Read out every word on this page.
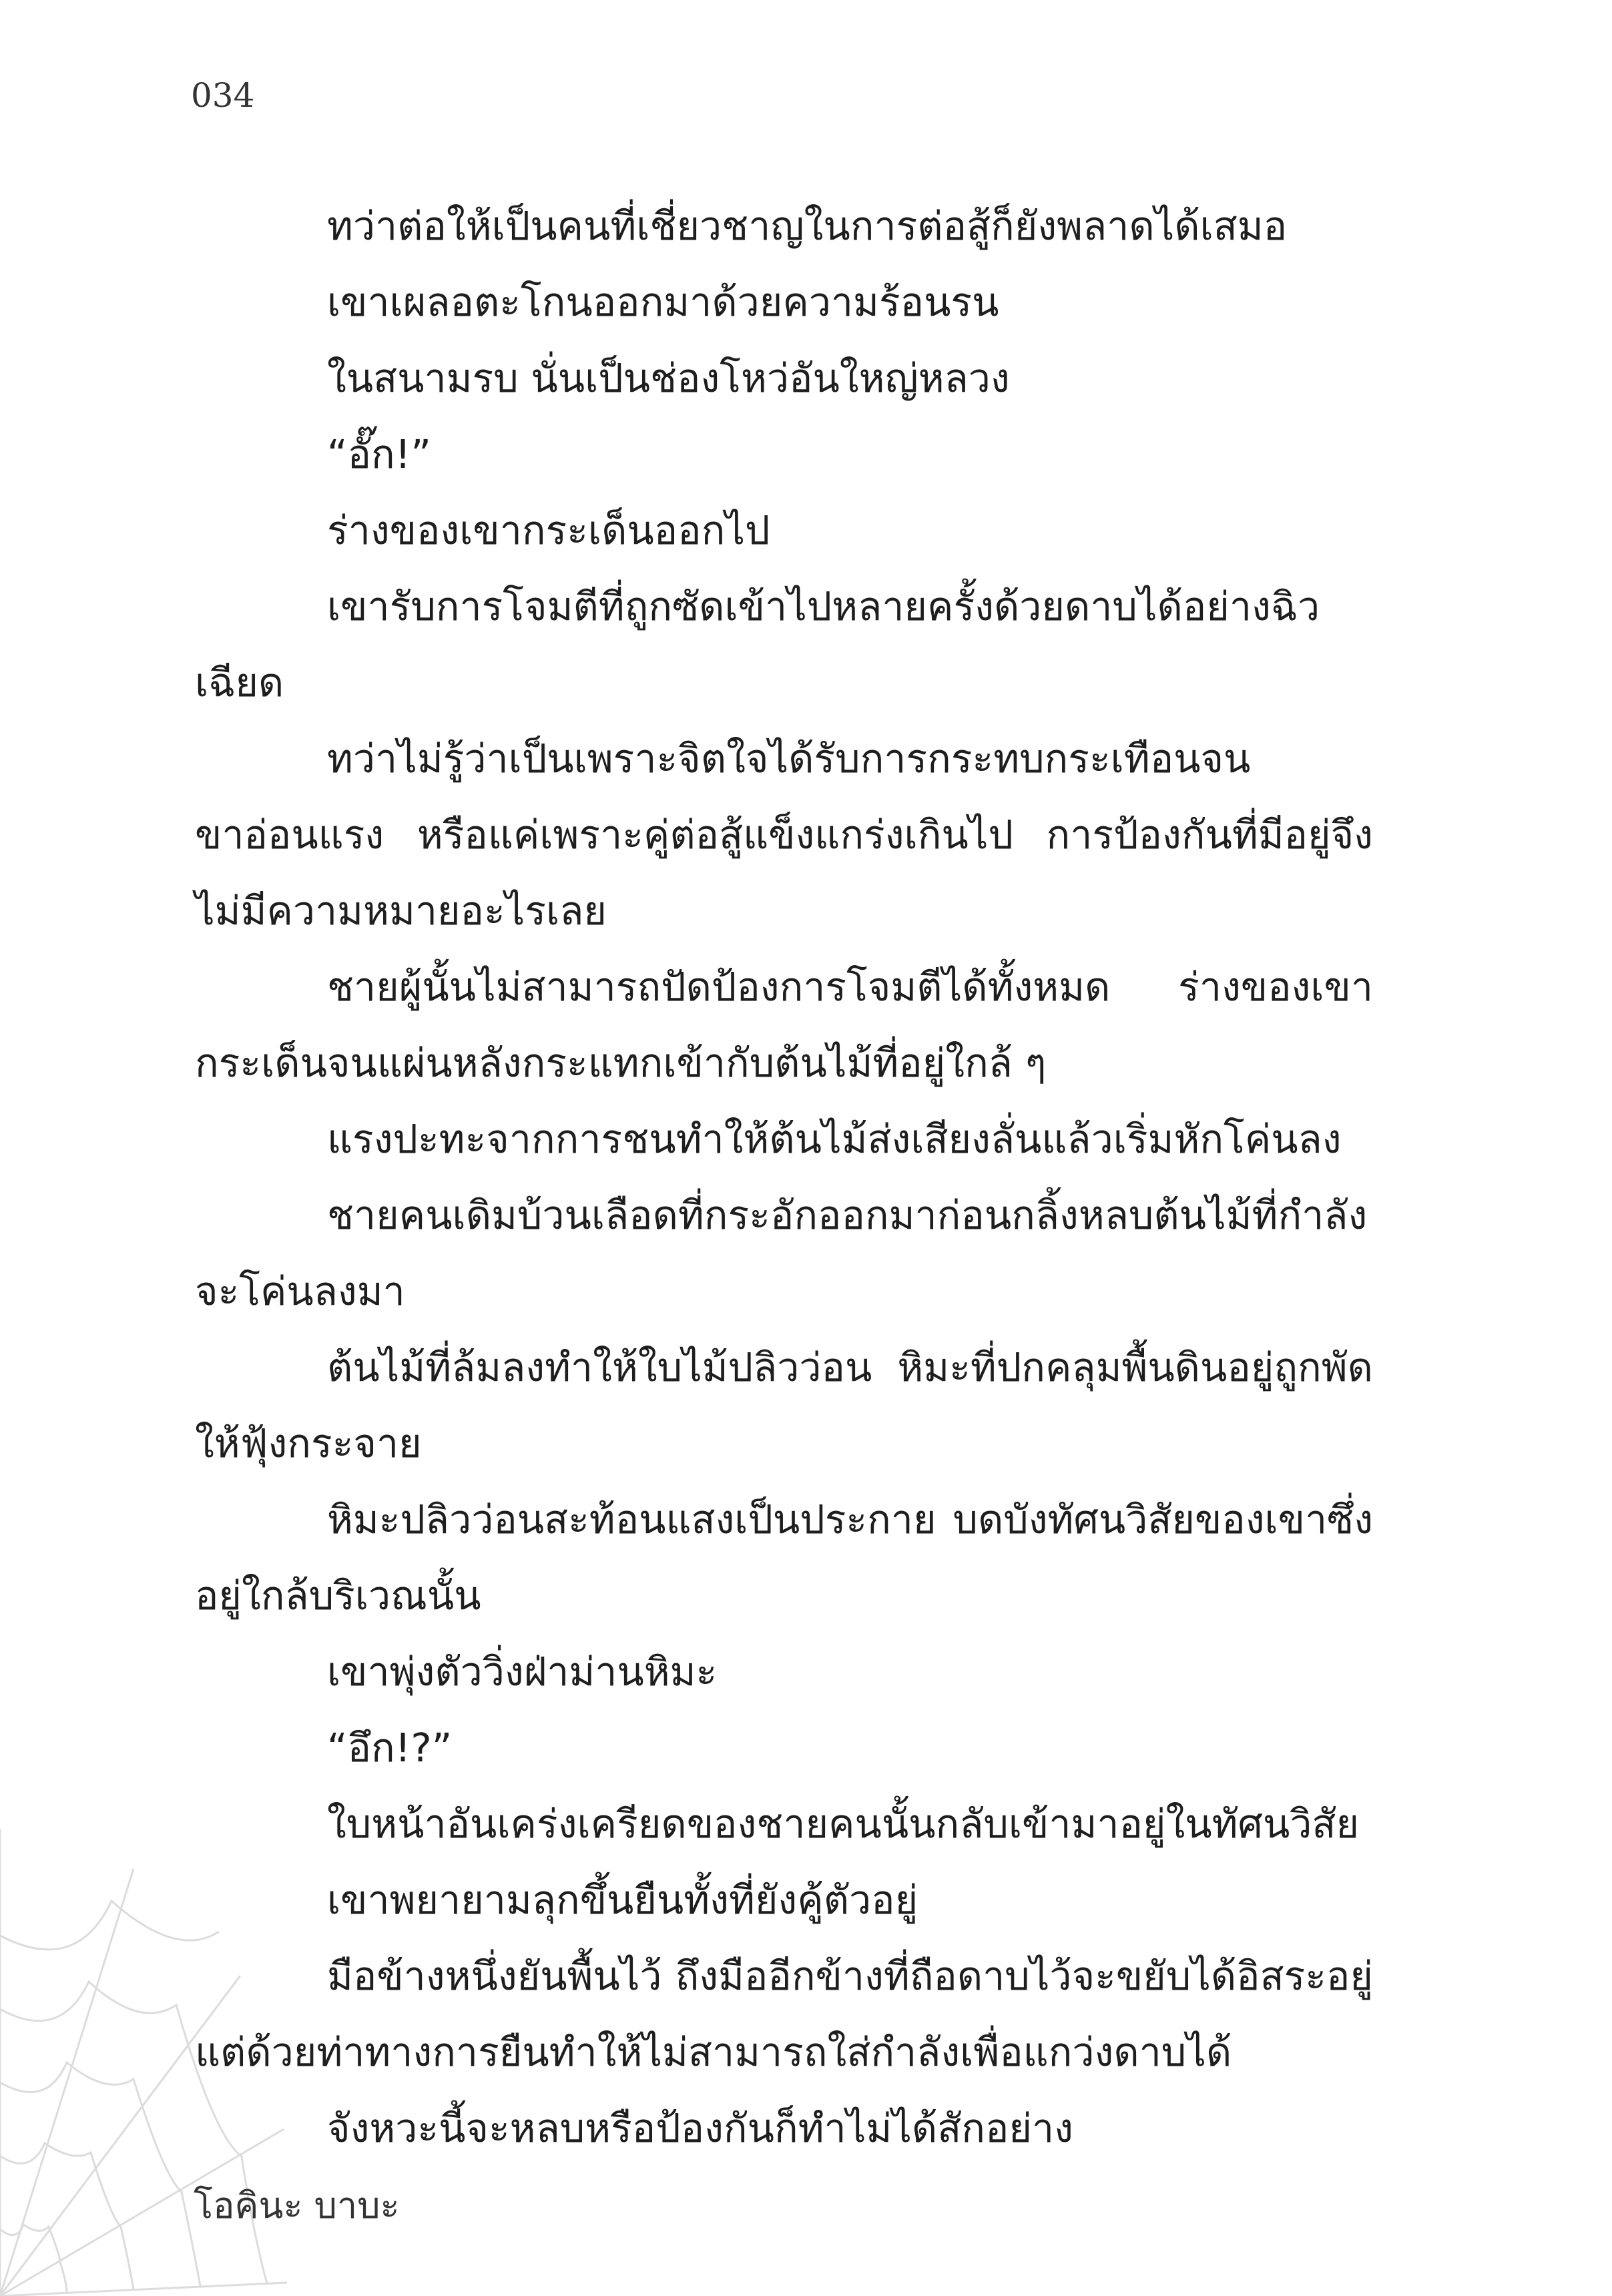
034

ทว่าต่อให้เป็นคนที่เชี่ยวชาญในการต่อสู้ก็ยังพลาดได้เสมอ

เขาเผลอตะโกนออกมาด้วยความร้อนรน

ในสนามรบ นั่นเป็นช่องโหว่อันใหญ่หลวง

“อั๊ก!”

ร่างของเขากระเด็นออกไป

เขารับการโจมตีที่ถูกซัดเข้าไปหลายครั้งด้วยดาบได้อย่างฉิวเฉียด

ทว่าไม่รู้ว่าเป็นเพราะจิตใจได้รับการกระทบกระเทือนจนขาอ่อนแรง หรือแค่เพราะคู่ต่อสู้แข็งแกร่งเกินไป การป้องกันที่มีอยู่จึงไม่มีความหมายอะไรเลย

ชายผู้นั้นไม่สามารถปัดป้องการโจมตีได้ทั้งหมด ร่างของเขากระเด็นจนแผ่นหลังกระแทกเข้ากับต้นไม้ที่อยู่ใกล้ ๆ

แรงปะทะจากการชนทำให้ต้นไม้ส่งเสียงลั่นแล้วเริ่มหักโค่นลง

ชายคนเดิมบ้วนเลือดที่กระอักออกมาก่อนกลิ้งหลบต้นไม้ที่กำลังจะโค่นลงมา

ต้นไม้ที่ล้มลงทำให้ใบไม้ปลิวว่อน หิมะที่ปกคลุมพื้นดินอยู่ถูกพัดให้ฟุ้งกระจาย

หิมะปลิวว่อนสะท้อนแสงเป็นประกาย บดบังทัศนวิสัยของเขาซึ่งอยู่ใกล้บริเวณนั้น

เขาพุ่งตัววิ่งฝ่าม่านหิมะ

“อึก!?”

ใบหน้าอันเคร่งเครียดของชายคนนั้นกลับเข้ามาอยู่ในทัศนวิสัย

เขาพยายามลุกขึ้นยืนทั้งที่ยังคู้ตัวอยู่

มือข้างหนึ่งยันพื้นไว้ ถึงมืออีกข้างที่ถือดาบไว้จะขยับได้อิสระอยู่ แต่ด้วยท่าทางการยืนทำให้ไม่สามารถใส่กำลังเพื่อแกว่งดาบได้

จังหวะนี้จะหลบหรือป้องกันก็ทำไม่ได้สักอย่าง

โอคินะ บาบะ
